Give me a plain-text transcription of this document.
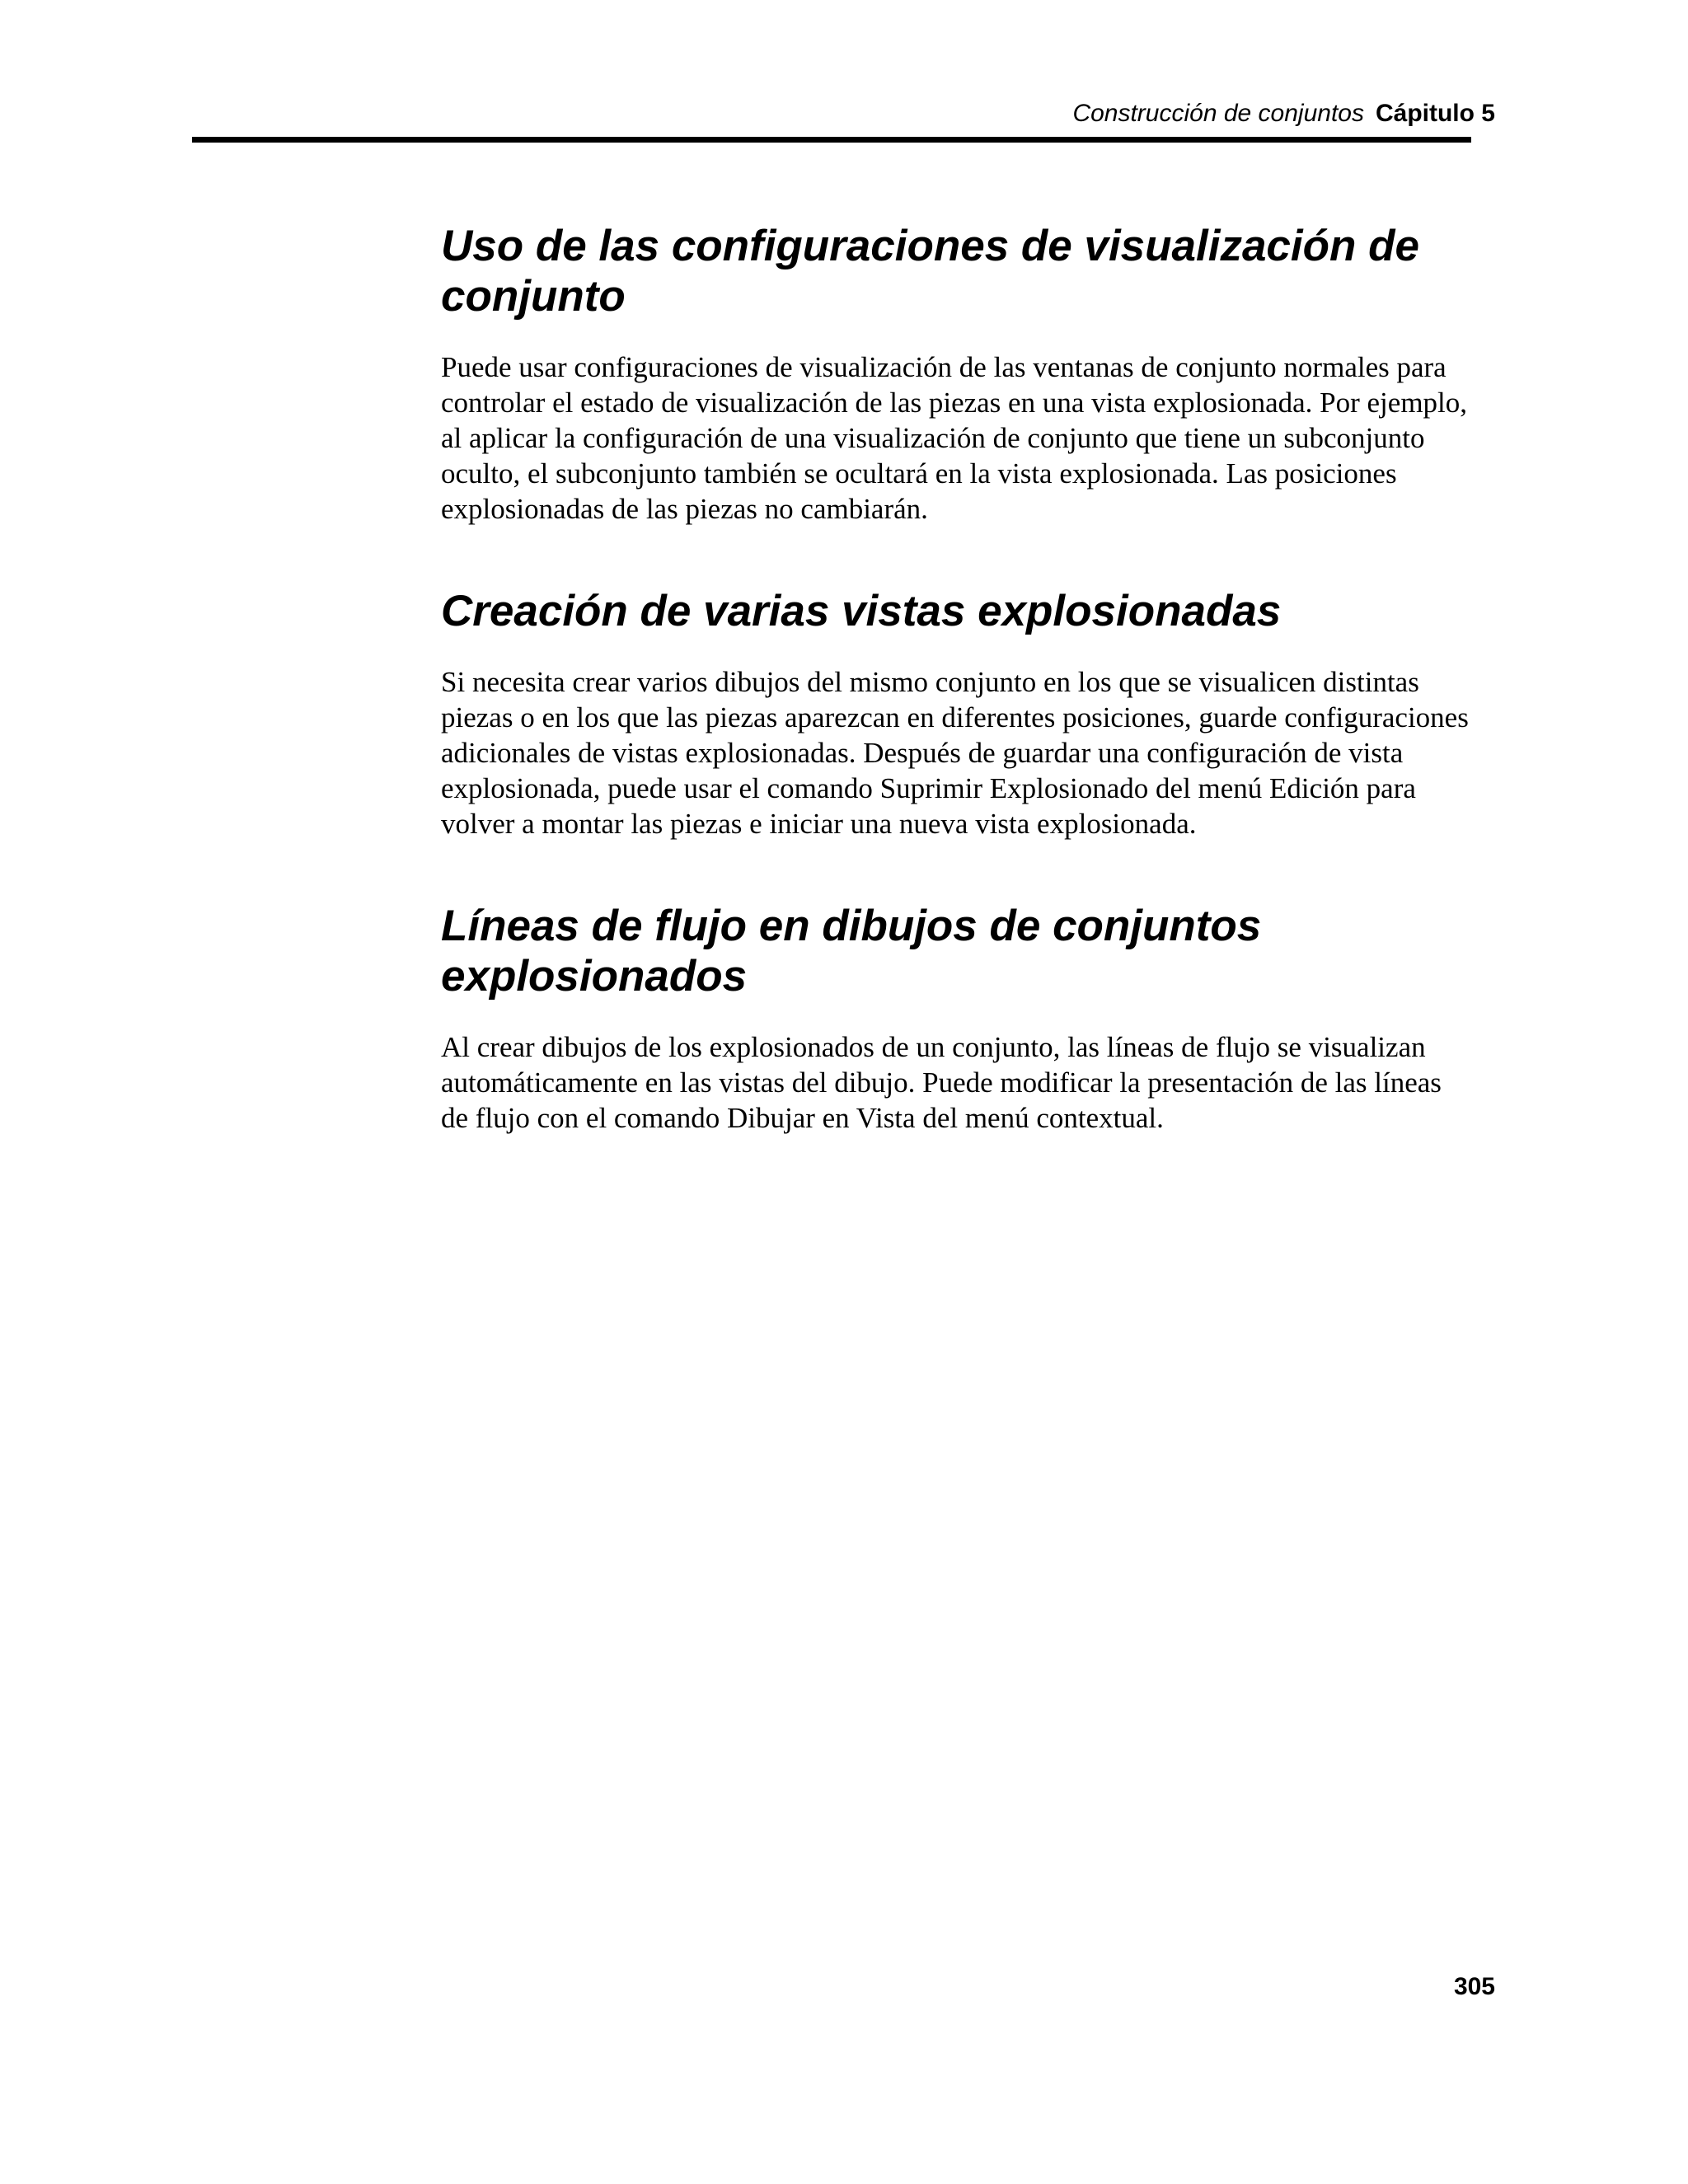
Construcción de conjuntos Cápitulo 5
Uso de las configuraciones de visualización de conjunto

Puede usar configuraciones de visualización de las ventanas de conjunto normales para controlar el estado de visualización de las piezas en una vista explosionada. Por ejemplo, al aplicar la configuración de una visualización de conjunto que tiene un subconjunto oculto, el subconjunto también se ocultará en la vista explosionada. Las posiciones explosionadas de las piezas no cambiarán.

Creación de varias vistas explosionadas

Si necesita crear varios dibujos del mismo conjunto en los que se visualicen distintas piezas o en los que las piezas aparezcan en diferentes posiciones, guarde configuraciones adicionales de vistas explosionadas. Después de guardar una configuración de vista explosionada, puede usar el comando Suprimir Explosionado del menú Edición para volver a montar las piezas e iniciar una nueva vista explosionada.

Líneas de flujo en dibujos de conjuntos explosionados

Al crear dibujos de los explosionados de un conjunto, las líneas de flujo se visualizan automáticamente en las vistas del dibujo. Puede modificar la presentación de las líneas de flujo con el comando Dibujar en Vista del menú contextual.

305
